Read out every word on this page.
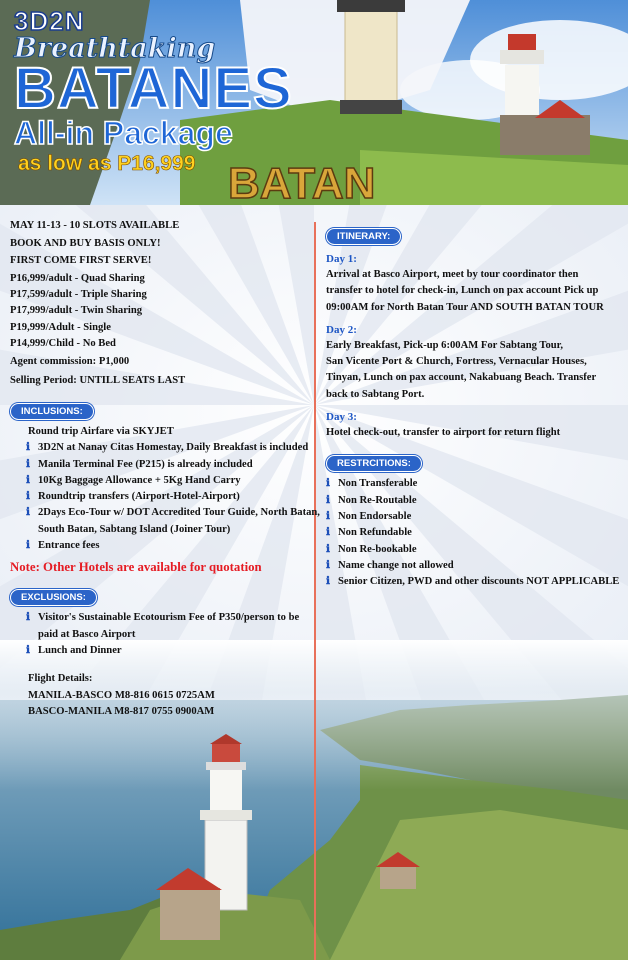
BATAN
3D2N
Breathtaking
BATANES
All-in Package
as low as P16,999
MAY 11-13 - 10 SLOTS AVAILABLE
BOOK AND BUY BASIS ONLY!
FIRST COME FIRST SERVE!
P16,999/adult - Quad Sharing
P17,599/adult - Triple Sharing
P17,999/adult - Twin Sharing
P19,999/Adult - Single
P14,999/Child - No Bed
Agent commission: P1,000
Selling Period: UNTILL SEATS LAST
INCLUSIONS:
Round trip Airfare via SKYJET
ℹ 3D2N at Nanay Citas Homestay, Daily Breakfast is included
ℹ Manila Terminal Fee (P215) is already included
ℹ 10Kg Baggage Allowance + 5Kg Hand Carry
ℹ Roundtrip transfers (Airport-Hotel-Airport)
ℹ 2Days Eco-Tour w/ DOT Accredited Tour Guide, North Batan,
South Batan, Sabtang Island (Joiner Tour)
ℹ Entrance fees
Note: Other Hotels are available for quotation
EXCLUSIONS:
ℹ Visitor's Sustainable Ecotourism Fee of P350/person to be
paid at Basco Airport
ℹ Lunch and Dinner
Flight Details:
MANILA-BASCO M8-816 0615 0725AM
BASCO-MANILA M8-817 0755 0900AM
ITINERARY:
Day 1:
Arrival at Basco Airport, meet by tour coordinator then
transfer to hotel for check-in, Lunch on pax account Pick up
09:00AM for North Batan Tour AND SOUTH BATAN TOUR
Day 2:
Early Breakfast, Pick-up 6:00AM For Sabtang Tour,
San Vicente Port & Church, Fortress, Vernacular Houses,
Tinyan, Lunch on pax account, Nakabuang Beach. Transfer
back to Sabtang Port.
Day 3:
Hotel check-out, transfer to airport for return flight
RESTRCITIONS:
ℹ Non Transferable
ℹ Non Re-Routable
ℹ Non Endorsable
ℹ Non Refundable
ℹ Non Re-bookable
ℹ Name change not allowed
ℹ Senior Citizen, PWD and other discounts NOT APPLICABLE
